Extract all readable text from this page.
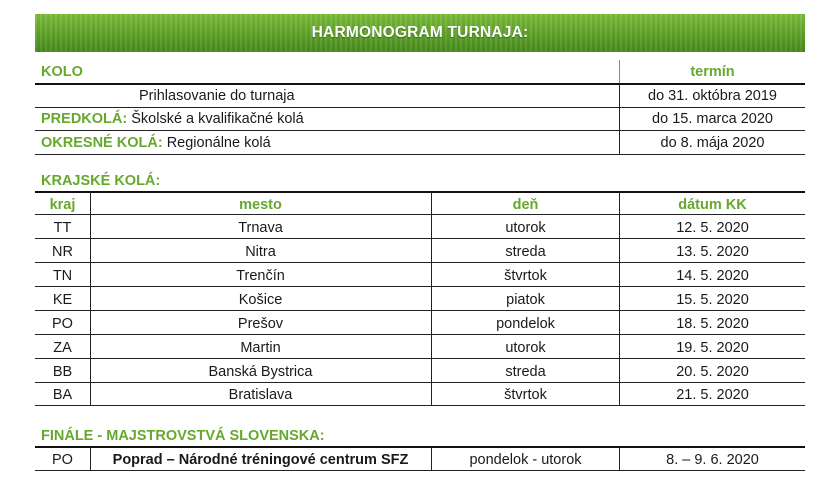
HARMONOGRAM TURNAJA:
KOLO	termín
Prihlasovanie do turnaja	do 31. októbra 2019
PREDKOLÁ: Školské a kvalifikačné kolá	do 15. marca 2020
OKRESNÉ KOLÁ: Regionálne kolá	do 8. mája 2020
KRAJSKÉ KOLÁ:
kraj	mesto	deň	dátum KK
TT	Trnava	utorok	12. 5. 2020
NR	Nitra	streda	13. 5. 2020
TN	Trenčín	štvrtok	14. 5. 2020
KE	Košice	piatok	15. 5. 2020
PO	Prešov	pondelok	18. 5. 2020
ZA	Martin	utorok	19. 5. 2020
BB	Banská Bystrica	streda	20. 5. 2020
BA	Bratislava	štvrtok	21. 5. 2020
FINÁLE - MAJSTROVSTVÁ SLOVENSKA:
PO	Poprad – Národné tréningové centrum SFZ	pondelok - utorok	8. – 9. 6. 2020
